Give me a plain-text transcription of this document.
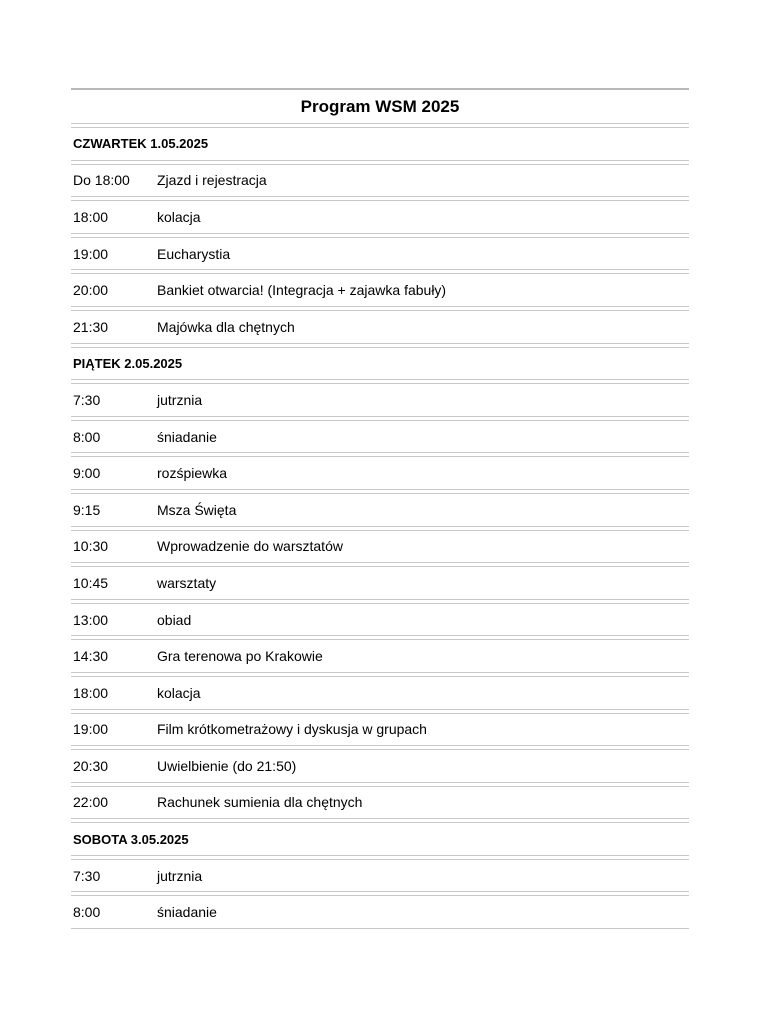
Program WSM 2025
CZWARTEK 1.05.2025
Do 18:00	Zjazd i rejestracja
18:00	kolacja
19:00	Eucharystia
20:00	Bankiet otwarcia! (Integracja + zajawka fabuły)
21:30	Majówka dla chętnych
PIĄTEK 2.05.2025
7:30	jutrznia
8:00	śniadanie
9:00	rozśpiewka
9:15	Msza Święta
10:30	Wprowadzenie do warsztatów
10:45	warsztaty
13:00	obiad
14:30	Gra terenowa po Krakowie
18:00	kolacja
19:00	Film krótkometrażowy i dyskusja w grupach
20:30	Uwielbienie (do 21:50)
22:00	Rachunek sumienia dla chętnych
SOBOTA 3.05.2025
7:30	jutrznia
8:00	śniadanie
